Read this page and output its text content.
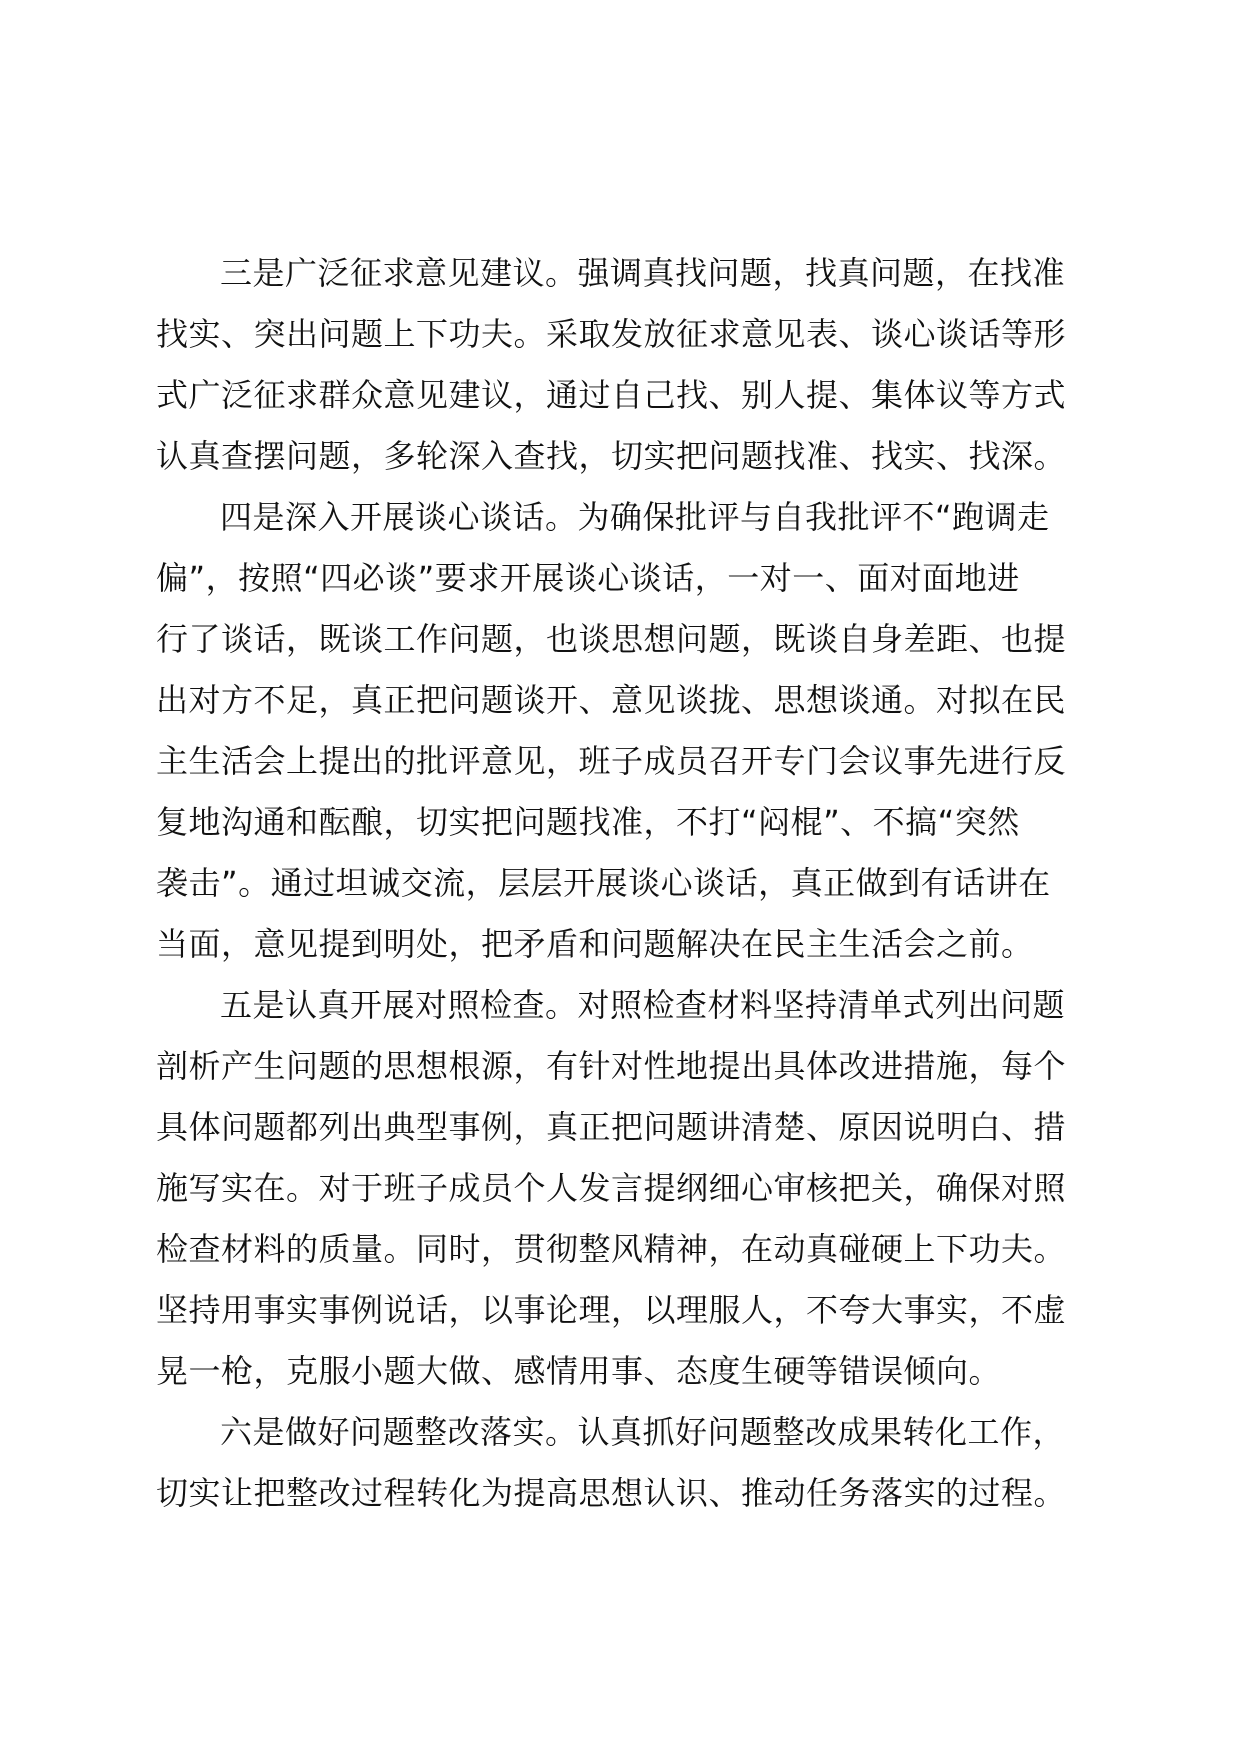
三是广泛征求意见建议。强调真找问题，找真问题，在找准
找实、突出问题上下功夫。采取发放征求意见表、谈心谈话等形
式广泛征求群众意见建议，通过自己找、别人提、集体议等方式
认真查摆问题，多轮深入查找，切实把问题找准、找实、找深。

四是深入开展谈心谈话。为确保批评与自我批评不“跑调走
偏”，按照“四必谈”要求开展谈心谈话，一对一、面对面地进
行了谈话，既谈工作问题，也谈思想问题，既谈自身差距、也提
出对方不足，真正把问题谈开、意见谈拢、思想谈通。对拟在民
主生活会上提出的批评意见，班子成员召开专门会议事先进行反
复地沟通和酝酿，切实把问题找准，不打“闷棍”、不搞“突然
袭击”。通过坦诚交流，层层开展谈心谈话，真正做到有话讲在
当面，意见提到明处，把矛盾和问题解决在民主生活会之前。

五是认真开展对照检查。对照检查材料坚持清单式列出问题
剖析产生问题的思想根源，有针对性地提出具体改进措施，每个
具体问题都列出典型事例，真正把问题讲清楚、原因说明白、措
施写实在。对于班子成员个人发言提纲细心审核把关，确保对照
检查材料的质量。同时，贯彻整风精神，在动真碰硬上下功夫。
坚持用事实事例说话，以事论理，以理服人，不夸大事实，不虚
晃一枪，克服小题大做、感情用事、态度生硬等错误倾向。

六是做好问题整改落实。认真抓好问题整改成果转化工作，
切实让把整改过程转化为提高思想认识、推动任务落实的过程。
